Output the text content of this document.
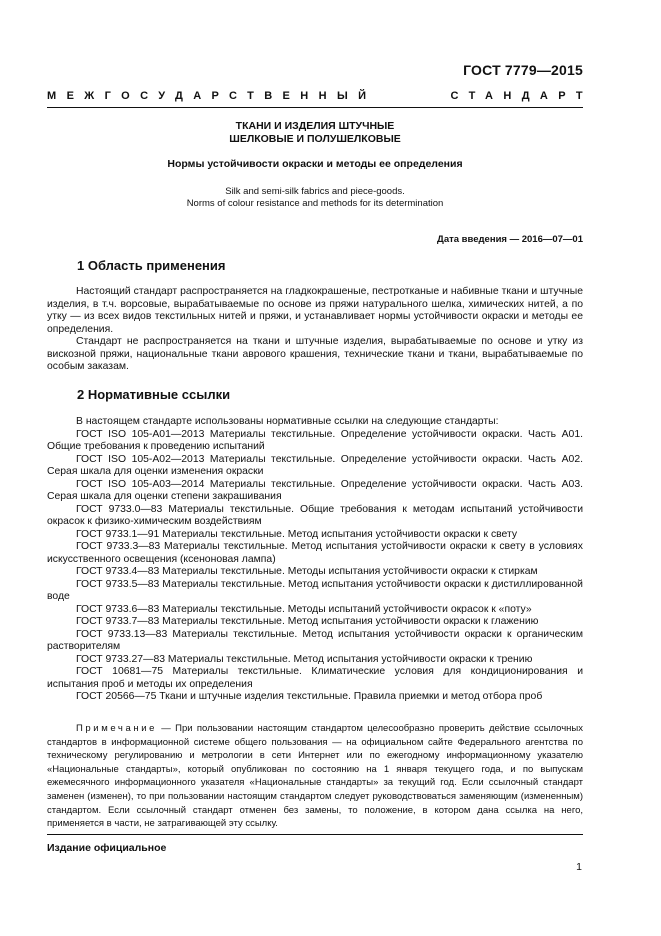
ГОСТ 7779—2015
МЕЖГОСУДАРСТВЕННЫЙ	СТАНДАРТ
ТКАНИ И ИЗДЕЛИЯ ШТУЧНЫЕ
ШЕЛКОВЫЕ И ПОЛУШЕЛКОВЫЕ
Нормы устойчивости окраски и методы ее определения
Silk and semi-silk fabrics and piece-goods.
Norms of colour resistance and methods for its determination
Дата введения — 2016—07—01
1 Область применения

Настоящий стандарт распространяется на гладкокрашеные, пестротканые и набивные ткани и штучные изделия, в т.ч. ворсовые, вырабатываемые по основе из пряжи натурального шелка, химических нитей, а по утку — из всех видов текстильных нитей и пряжи, и устанавливает нормы устойчивости окраски и методы ее определения.

Стандарт не распространяется на ткани и штучные изделия, вырабатываемые по основе и утку из вискозной пряжи, национальные ткани аврового крашения, технические ткани и ткани, вырабатываемые по особым заказам.

2 Нормативные ссылки

В настоящем стандарте использованы нормативные ссылки на следующие стандарты:

ГОСТ ISO 105-A01—2013 Материалы текстильные. Определение устойчивости окраски. Часть А01. Общие требования к проведению испытаний

ГОСТ ISO 105-A02—2013 Материалы текстильные. Определение устойчивости окраски. Часть А02. Серая шкала для оценки изменения окраски

ГОСТ ISO 105-A03—2014 Материалы текстильные. Определение устойчивости окраски. Часть А03. Серая шкала для оценки степени закрашивания

ГОСТ 9733.0—83 Материалы текстильные. Общие требования к методам испытаний устойчивости окрасок к физико-химическим воздействиям

ГОСТ 9733.1—91 Материалы текстильные. Метод испытания устойчивости окраски к свету

ГОСТ 9733.3—83 Материалы текстильные. Метод испытания устойчивости окраски к свету в условиях искусственного освещения (ксеноновая лампа)

ГОСТ 9733.4—83 Материалы текстильные. Методы испытания устойчивости окраски к стиркам

ГОСТ 9733.5—83 Материалы текстильные. Метод испытания устойчивости окраски к дистиллированной воде

ГОСТ 9733.6—83 Материалы текстильные. Методы испытаний устойчивости окрасок к «поту»

ГОСТ 9733.7—83 Материалы текстильные. Метод испытания устойчивости окраски к глажению

ГОСТ 9733.13—83 Материалы текстильные. Метод испытания устойчивости окраски к органическим растворителям

ГОСТ 9733.27—83 Материалы текстильные. Метод испытания устойчивости окраски к трению

ГОСТ 10681—75 Материалы текстильные. Климатические условия для кондиционирования и испытания проб и методы их определения

ГОСТ 20566—75 Ткани и штучные изделия текстильные. Правила приемки и метод отбора проб

Примечание — При пользовании настоящим стандартом целесообразно проверить действие ссылочных стандартов в информационной системе общего пользования — на официальном сайте Федерального агентства по техническому регулированию и метрологии в сети Интернет или по ежегодному информационному указателю «Национальные стандарты», который опубликован по состоянию на 1 января текущего года, и по выпускам ежемесячного информационного указателя «Национальные стандарты» за текущий год. Если ссылочный стандарт заменен (изменен), то при пользовании настоящим стандартом следует руководствоваться заменяющим (измененным) стандартом. Если ссылочный стандарт отменен без замены, то положение, в котором дана ссылка на него, применяется в части, не затрагивающей эту ссылку.

Издание официальное
1
